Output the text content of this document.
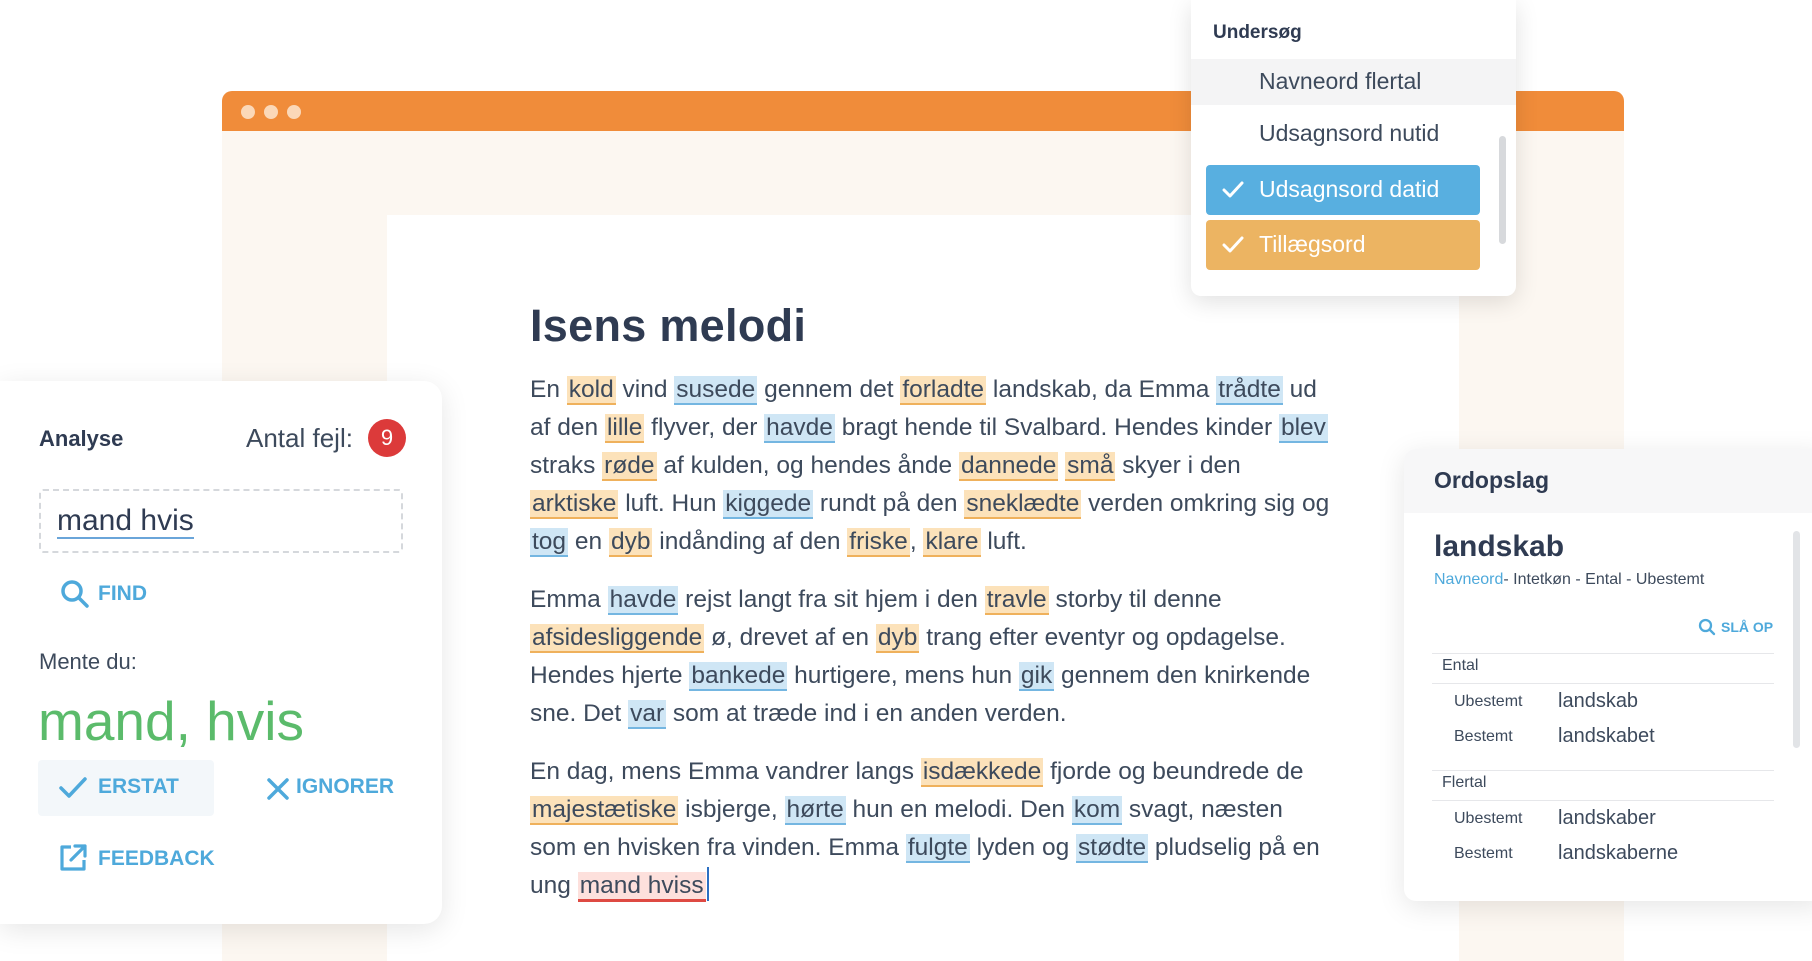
Isens melodi

En kold vind susede gennem det forladte landskab, da Emma trådte ud af den lille flyver, der havde bragt hende til Svalbard. Hendes kinder blev straks røde af kulden, og hendes ånde dannede små skyer i den arktiske luft. Hun kiggede rundt på den sneklædte verden omkring sig og tog en dyb indånding af den friske, klare luft.

Emma havde rejst langt fra sit hjem i den travle storby til denne afsidesliggende ø, drevet af en dyb trang efter eventyr og opdagelse. Hendes hjerte bankede hurtigere, mens hun gik gennem den knirkende sne. Det var som at træde ind i en anden verden.

En dag, mens Emma vandrer langs isdækkede fjorde og beundrede de majestætiske isbjerge, hørte hun en melodi. Den kom svagt, næsten som en hvisken fra vinden. Emma fulgte lyden og stødte pludselig på en ung mand hviss

Undersøg
Navneord flertal
Udsagnsord nutid
Udsagnsord datid
Tillægsord
Analyse	Antal fejl:	9
mand hvis
FIND
Mente du:
mand, hvis
ERSTAT	IGNORER
FEEDBACK
Ordopslag
landskab
Navneord- Intetkøn - Ental - Ubestemt
SLÅ OP
Ental
Ubestemt landskab
Bestemt landskabet
Flertal
Ubestemt landskaber
Bestemt landskaberne
